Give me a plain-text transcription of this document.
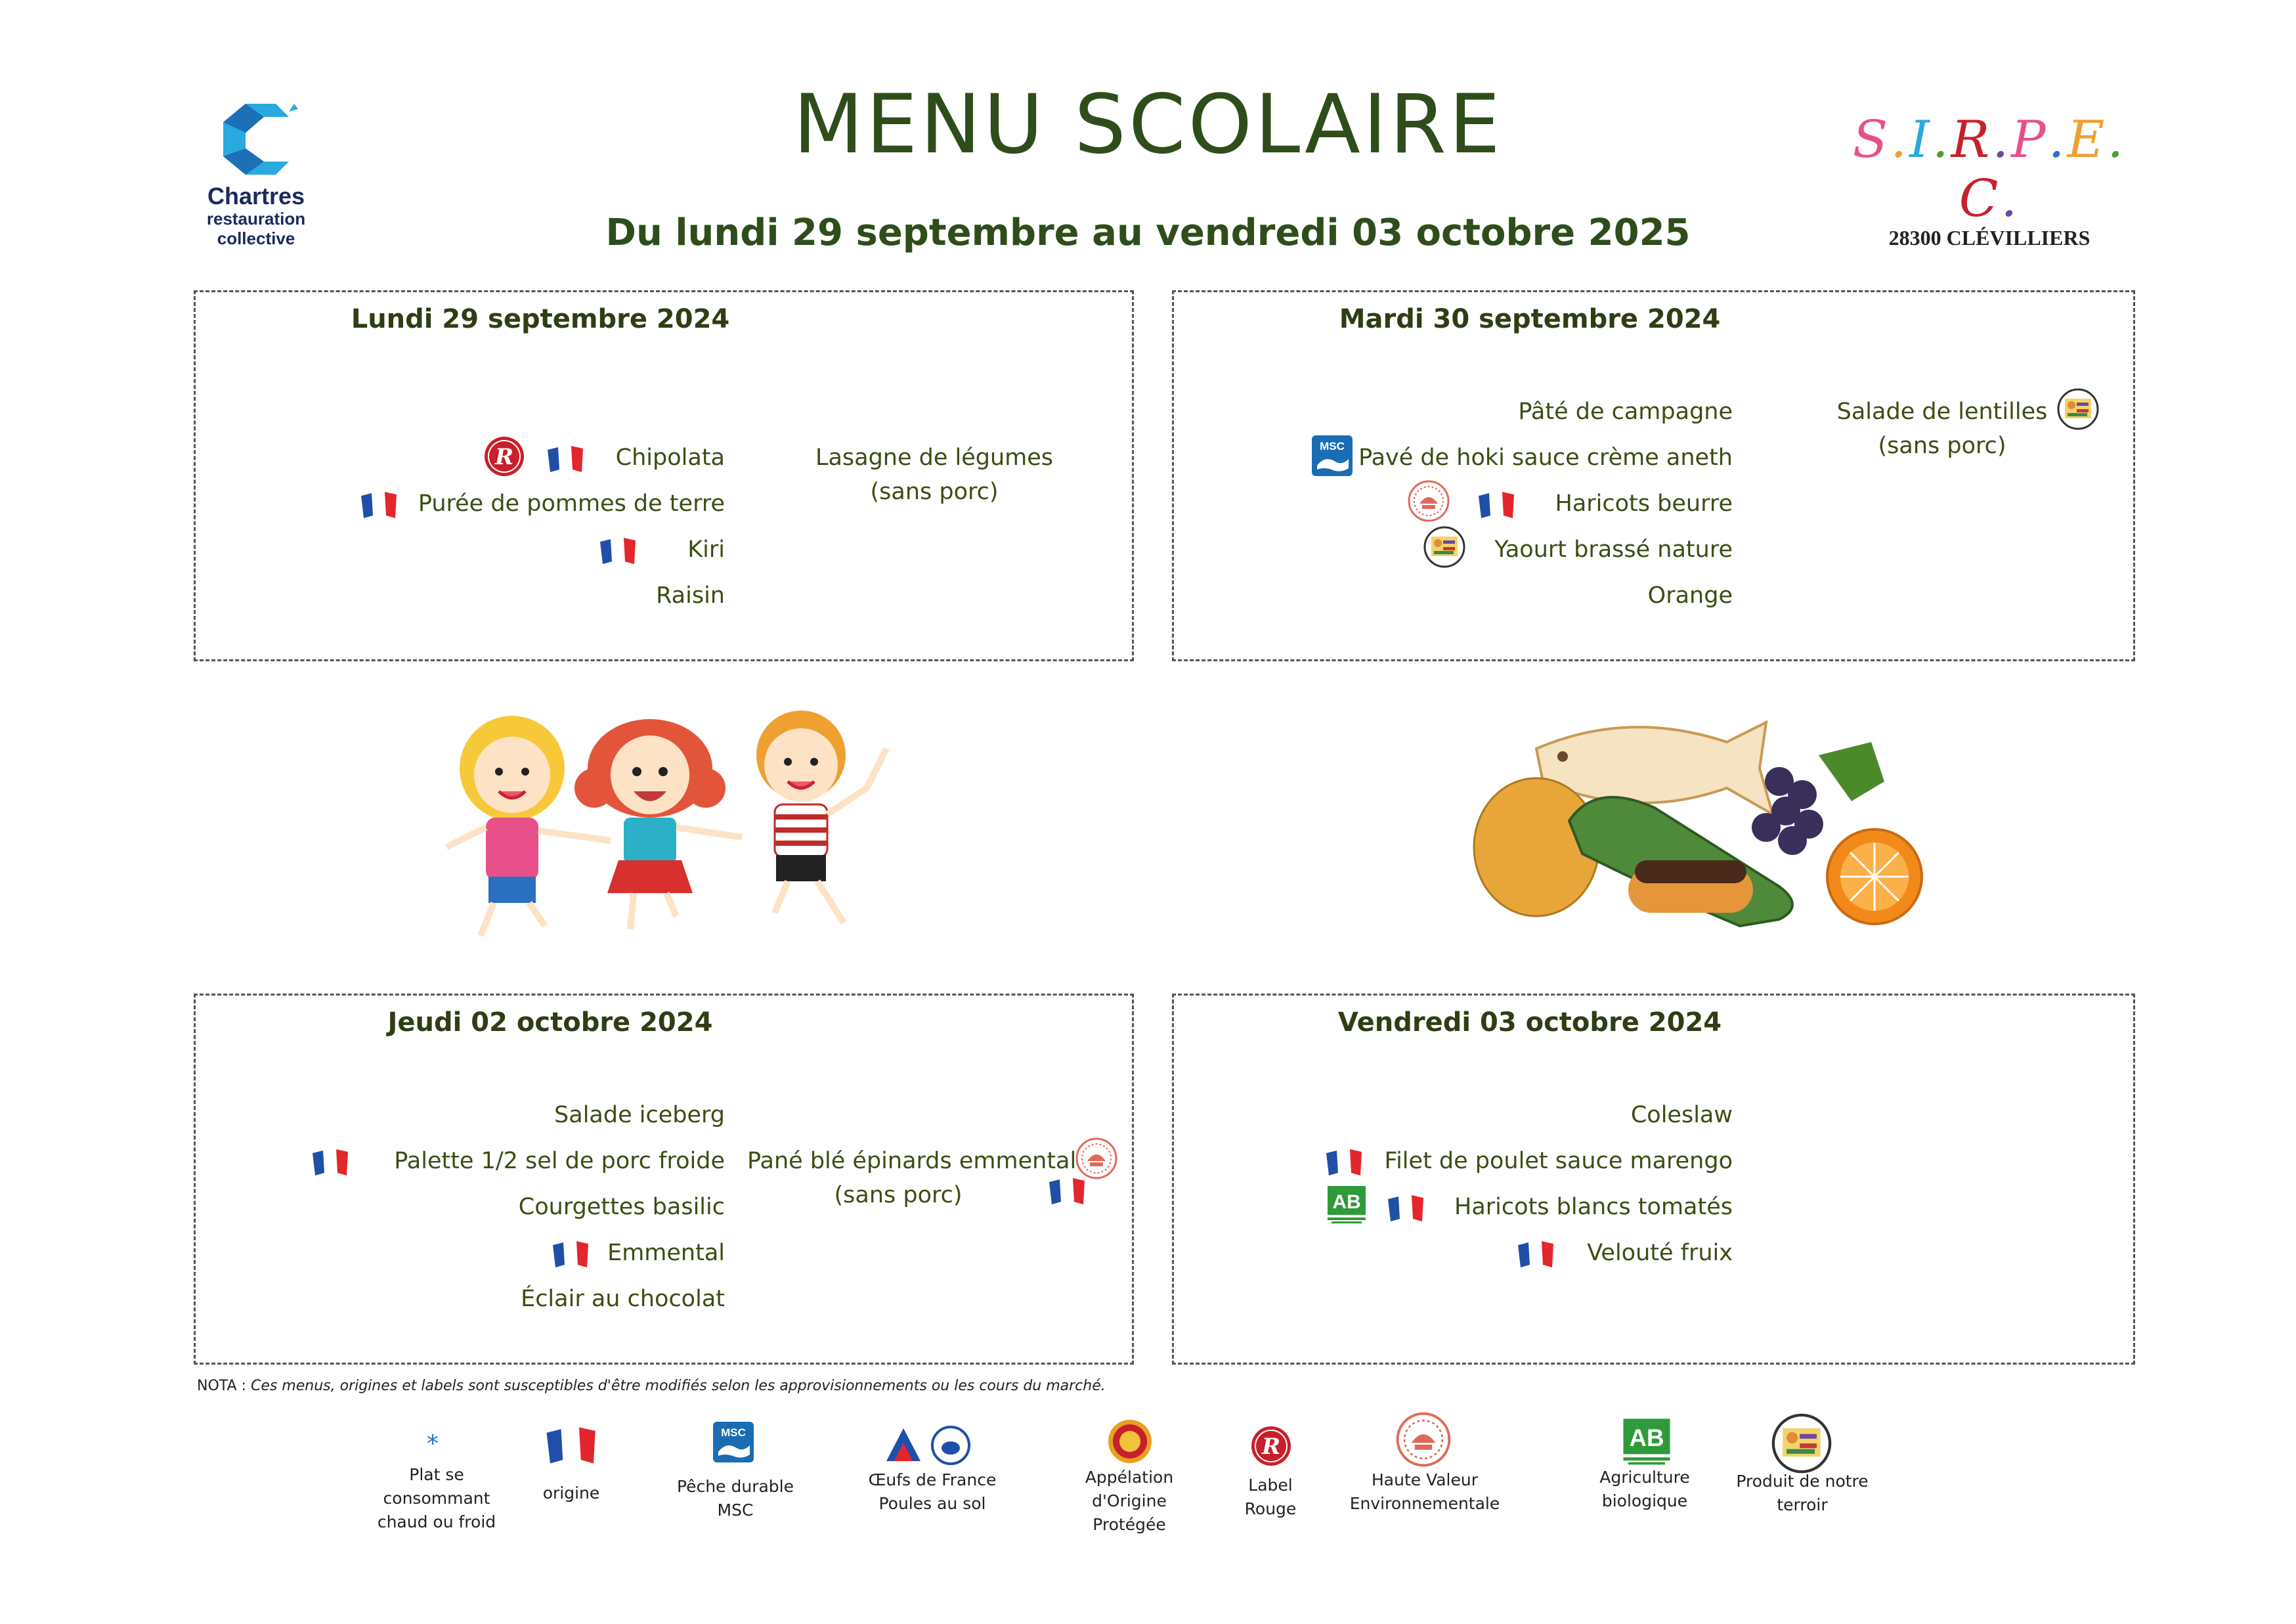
Chartres
restauration
collective
MENU SCOLAIRE
Du lundi 29 septembre au vendredi 03 octobre 2025
S.I.R.P.E.C.
28300 CLÉVILLIERS
Lundi 29 septembre 2024
Chipolata
Purée de pommes de terre
Kiri
Raisin
Lasagne de légumes
(sans porc)
Mardi 30 septembre 2024
Pâté de campagne
Pavé de hoki sauce crème aneth
Haricots beurre
Yaourt brassé nature
Orange
Salade de lentilles
(sans porc)
Jeudi 02 octobre 2024
Salade iceberg
Palette 1/2 sel de porc froide
Courgettes basilic
Emmental
Éclair au chocolat
Pané blé épinards emmental
(sans porc)
Vendredi 03 octobre 2024
Coleslaw
Filet de poulet sauce marengo
Haricots blancs tomatés
Velouté fruix
NOTA : Ces menus, origines et labels sont susceptibles d'être modifiés selon les approvisionnements ou les cours du marché.
*
Plat se
consommant
chaud ou froid
origine	Pêche durable
MSC
Œufs de France
Poules au sol
Appélation
d'Origine
Protégée
Label
Rouge
Haute Valeur
Environnementale
Agriculture
biologique
Produit de notre
terroir
